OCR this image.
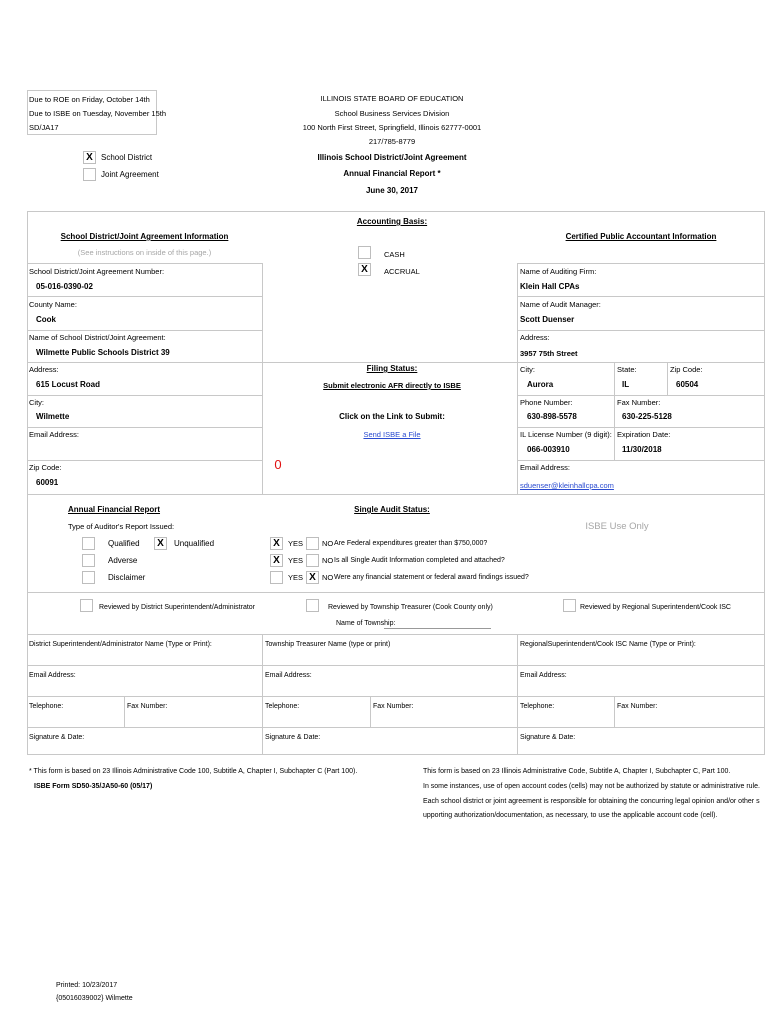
Due to ROE on Friday, October 14th
Due to ISBE on Tuesday, November 15th
SD/JA17
X	School District
Joint Agreement
ILLINOIS STATE BOARD OF EDUCATION
School Business Services Division
100 North First Street, Springfield, Illinois 62777-0001
217/785-8779
Illinois School District/Joint Agreement
Annual Financial Report *
June 30, 2017
Accounting Basis:
CASH
X	ACCRUAL
School District/Joint Agreement Information
(See instructions on inside of this page.)
School District/Joint Agreement Number:
05-016-0390-02
County Name:
Cook
Name of School District/Joint Agreement:
Wilmette Public Schools District 39
Address:
615 Locust Road
City:
Wilmette
Email Address:
Zip Code:
60091
Filing Status:
Submit electronic AFR directly to ISBE
Click on the Link to Submit:
Send ISBE a File
0
Certified Public Accountant Information
Name of Auditing Firm:
Klein Hall CPAs
Name of Audit Manager:
Scott Duenser
Address:
3957 75th Street
City:
Aurora
State:
IL
Zip Code:
60504
Phone Number:
630-898-5578
Fax Number:
630-225-5128
IL License Number (9 digit):
066-003910
Expiration Date:
11/30/2018
Email Address:
sduenser@kleinhallcpa.com
Annual Financial Report
Type of Auditor's Report Issued:
Qualified	X	Unqualified
Adverse
Disclaimer
Single Audit Status:
X	YES	NO Are Federal expenditures greater than $750,000?
X	YES	NO Is all Single Audit Information completed and attached?
YES X NO Were any financial statement or federal award findings issued?
ISBE Use Only
Reviewed by District Superintendent/Administrator	Reviewed by Township Treasurer (Cook County only)
Name of Township:
Reviewed by Regional Superintendent/Cook ISC
District Superintendent/Administrator Name (Type or Print):	Township Treasurer Name (type or print)	RegionalSuperintendent/Cook ISC Name (Type or Print):
Email Address:	Email Address:	Email Address:
Telephone:	Fax Number:	Telephone:	Fax Number:	Telephone:	Fax Number:
Signature & Date:	Signature & Date:	Signature & Date:
* This form is based on 23 Illinois Administrative Code 100, Subtitle A, Chapter I, Subchapter C (Part 100).
ISBE Form SD50-35/JA50-60 (05/17)
This form is based on 23 Illinois Administrative Code, Subtitle A, Chapter I, Subchapter C, Part 100.
In some instances, use of open account codes (cells) may not be authorized by statute or administrative rule.
Each school district or joint agreement is responsible for obtaining the concurring legal opinion and/or other s
upporting authorization/documentation, as necessary, to use the applicable account code (cell).
Printed: 10/23/2017
{05016039002} Wilmette
